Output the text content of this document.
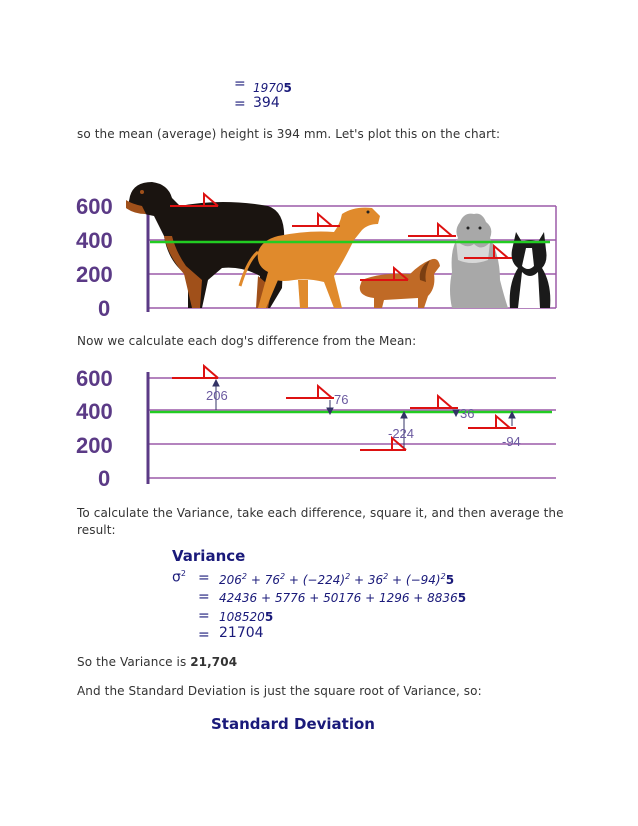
= 19705
= 394
so the mean (average) height is 394 mm. Let's plot this on the chart:
600
400
200
0
Now we calculate each dog's difference from the Mean:
600
400
200
0
206	76
-224
36
-94
To calculate the Variance, take each difference, square it, and then average the result:
Variance
$\sigma^2 = 206^2 + 76^2 + (-224)^2 + 36^2 + (-94)^25$
= 42436 + 5776 + 50176 + 1296 + 88365
= 1085205
= 21704
So the Variance is 21,704
And the Standard Deviation is just the square root of Variance, so:
Standard Deviation
